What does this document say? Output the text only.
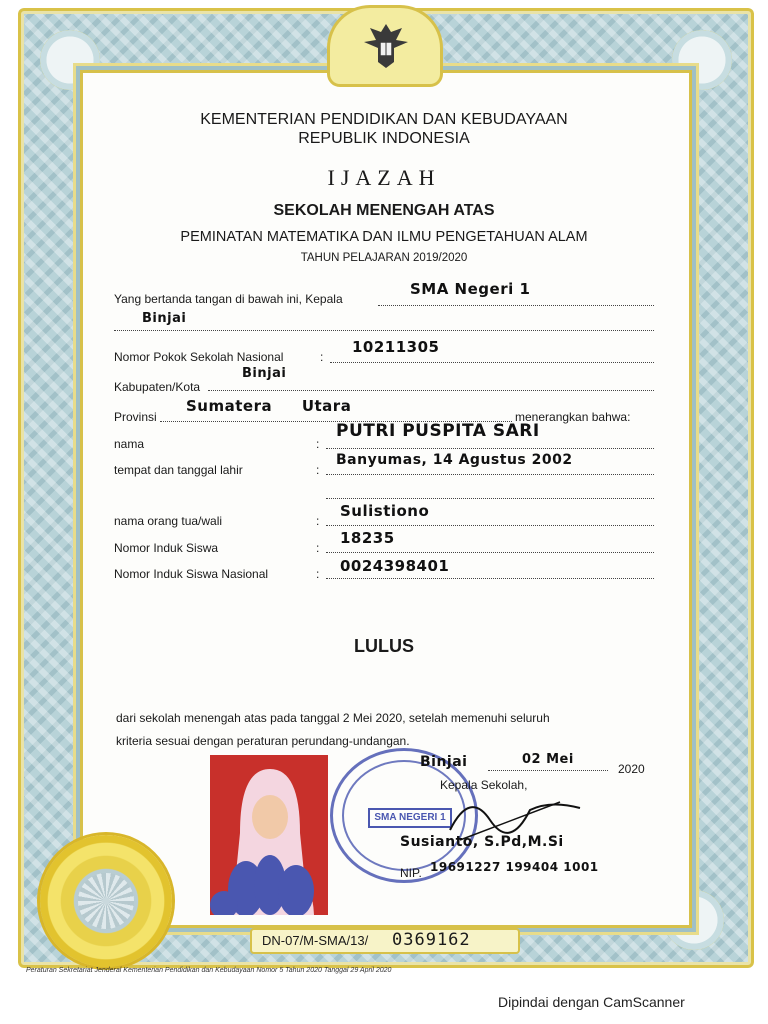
KEMENTERIAN PENDIDIKAN DAN KEBUDAYAAN
REPUBLIK INDONESIA
IJAZAH
SEKOLAH MENENGAH ATAS
PEMINATAN MATEMATIKA DAN ILMU PENGETAHUAN ALAM
TAHUN PELAJARAN 2019/2020
Yang bertanda tangan di bawah ini, Kepala
SMA Negeri 1
Binjai
Nomor Pokok Sekolah Nasional	:
10211305
Kabupaten/Kota
Binjai
Provinsi
Sumatera Utara
menerangkan bahwa:
nama	:
PUTRI PUSPITA SARI
tempat dan tanggal lahir	:
Banyumas, 14 Agustus 2002
nama orang tua/wali	:
Sulistiono
Nomor Induk Siswa	:
18235
Nomor Induk Siswa Nasional	: 0024398401
LULUS
dari sekolah menengah atas pada tanggal 2 Mei 2020, setelah memenuhi seluruh
kriteria sesuai dengan peraturan perundang-undangan.
SMA NEGERI 1
Binjai	02 Mei
2020
Kepala Sekolah,
Susianto, S.Pd,M.Si
NIP. 19691227 199404 1001
DN-07/M-SMA/13/ 0369162
Peraturan Sekretariat Jenderal Kementerian Pendidikan dan Kebudayaan Nomor 5 Tahun 2020 Tanggal 29 April 2020
Dipindai dengan CamScanner
